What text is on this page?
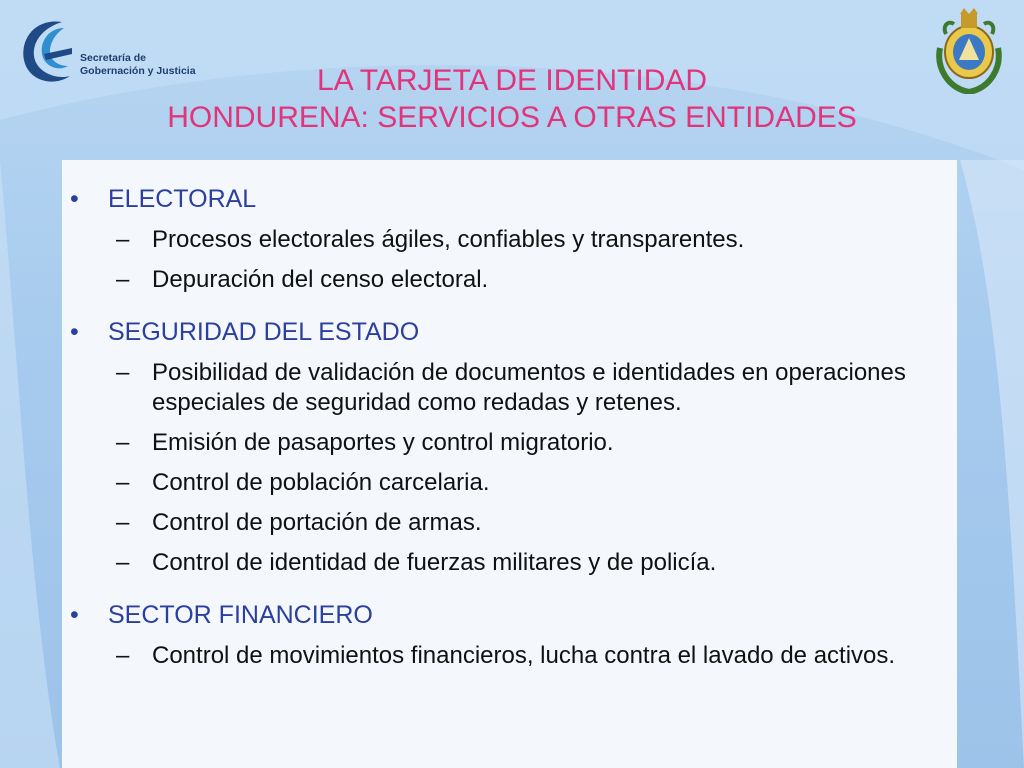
Secretaría de
Gobernación y Justicia	LA TARJETA DE IDENTIDAD
HONDURENA: SERVICIOS A OTRAS ENTIDADES
• ELECTORAL
– Procesos electorales ágiles, confiables y transparentes.
– Depuración del censo electoral.
• SEGURIDAD DEL ESTADO
– Posibilidad de validación de documentos e identidades en operaciones especiales de seguridad como redadas y retenes.
– Emisión de pasaportes y control migratorio.
– Control de población carcelaria.
– Control de portación de armas.
– Control de identidad de fuerzas militares y de policía.
• SECTOR FINANCIERO
– Control de movimientos financieros, lucha contra el lavado de activos.
